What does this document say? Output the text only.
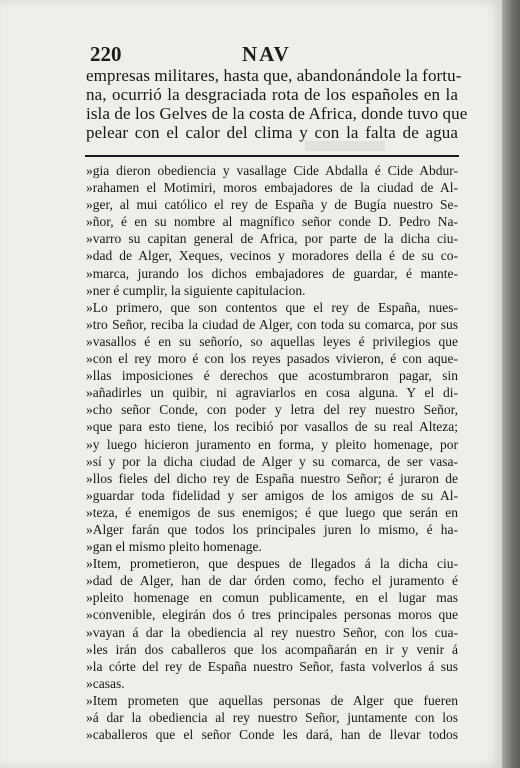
220	NAV
empresas militares, hasta que, abandonándole la fortu-
na, ocurrió la desgraciada rota de los españoles en la
isla de los Gelves de la costa de Africa, donde tuvo que
pelear con el calor del clima y con la falta de agua
»gia dieron obediencia y vasallage Cide Abdalla é Cide Abdur-
»rahamen el Motimiri, moros embajadores de la ciudad de Al-
»ger, al mui católico el rey de España y de Bugía nuestro Se-
»ñor, é en su nombre al magnífico señor conde D. Pedro Na-
»varro su capitan general de Africa, por parte de la dicha ciu-
»dad de Alger, Xeques, vecinos y moradores della é de su co-
»marca, jurando los dichos embajadores de guardar, é mante-
»ner é cumplir, la siguiente capitulacion.
»Lo primero, que son contentos que el rey de España, nues-
»tro Señor, reciba la ciudad de Alger, con toda su comarca, por sus
»vasallos é en su señorío, so aquellas leyes é privilegios que
»con el rey moro é con los reyes pasados vivieron, é con aque-
»llas imposiciones é derechos que acostumbraron pagar, sin
»añadirles un quibir, ni agraviarlos en cosa alguna. Y el di-
»cho señor Conde, con poder y letra del rey nuestro Señor,
»que para esto tiene, los recibió por vasallos de su real Alteza;
»y luego hicieron juramento en forma, y pleito homenage, por
»sí y por la dicha ciudad de Alger y su comarca, de ser vasa-
»llos fieles del dicho rey de España nuestro Señor; é juraron de
»guardar toda fidelidad y ser amigos de los amigos de su Al-
»teza, é enemigos de sus enemigos; é que luego que serán en
»Alger farán que todos los principales juren lo mismo, é ha-
»gan el mismo pleito homenage.
»Item, prometieron, que despues de llegados á la dicha ciu-
»dad de Alger, han de dar órden como, fecho el juramento é
»pleito homenage en comun publicamente, en el lugar mas
»convenible, elegirán dos ó tres principales personas moros que
»vayan á dar la obediencia al rey nuestro Señor, con los cua-
»les irán dos caballeros que los acompañarán en ir y venir á
»la córte del rey de España nuestro Señor, fasta volverlos á sus
»casas.
»Item prometen que aquellas personas de Alger que fueren
»á dar la obediencia al rey nuestro Señor, juntamente con los
»caballeros que el señor Conde les dará, han de llevar todos
